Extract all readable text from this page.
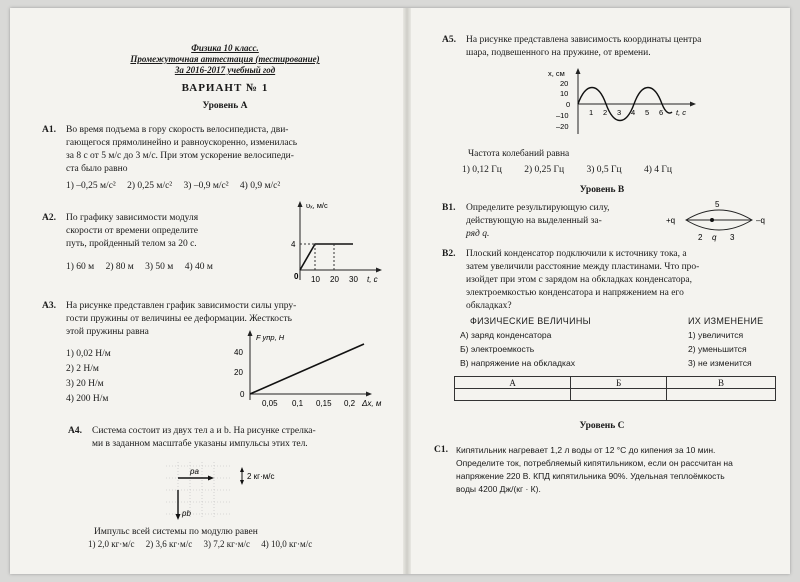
Физика 10 класс.
Промежуточная аттестация (тестирование)
За 2016-2017 учебный год
ВАРИАНТ № 1
Уровень А
А1. Во время подъема в гору скорость велосипедиста, дви-
гающегося прямолинейно и равноускоренно, изменилась
за 8 с от 5 м/с до 3 м/с. При этом ускорение велосипеди-
ста было равно
1) –0,25 м/с² 2) 0,25 м/с² 3) –0,9 м/с² 4) 0,9 м/с²
А2. По графику зависимости модуля
скорости от времени определите
путь, пройденный телом за 20 с.
1) 60 м 2) 80 м 3) 50 м 4) 40 м
υₓ, м/с
4
0 10 20 30 t, с
А3. На рисунке представлен график зависимости силы упру-
гости пружины от величины ее деформации. Жесткость
этой пружины равна
1) 0,02 Н/м
2) 2 Н/м
3) 20 Н/м
4) 200 Н/м
F упр, Н
40
20
0
0,05 0,1 0,15 0,2 Δx, м
А4. Система состоит из двух тел a и b. На рисунке стрелка-
ми в заданном масштабе указаны импульсы этих тел.
pa
pb
2 кг·м/с
Импульс всей системы по модулю равен
1) 2,0 кг·м/с 2) 3,6 кг·м/с 3) 7,2 кг·м/с 4) 10,0 кг·м/с
А5. На рисунке представлена зависимость координаты центра
шара, подвешенного на пружине, от времени.
x, см
20
10
0
–10
–20
1 2 3 4 5 6 t, с
Частота колебаний равна
1) 0,12 Гц 2) 0,25 Гц 3) 0,5 Гц 4) 4 Гц
Уровень В
В1. Определите результирующую силу,
действующую на выделенный за-
ряд q.
+q	–q
5
2 q 3
В2. Плоский конденсатор подключили к источнику тока, а
затем увеличили расстояние между пластинами. Что про-
изойдет при этом с зарядом на обкладках конденсатора,
электроемкостью конденсатора и напряжением на его
обкладках?
ФИЗИЧЕСКИЕ ВЕЛИЧИНЫ	ИХ ИЗМЕНЕНИЕ
А) заряд конденсатора
Б) электроемкость
В) напряжение на обкладках
1) увеличится
2) уменьшится
3) не изменится
А	Б	В

Уровень С
С1. Кипятильник нагревает 1,2 л воды от 12 °С до кипения за 10 мин.
Определите ток, потребляемый кипятильником, если он рассчитан на
напряжение 220 В. КПД кипятильника 90%. Удельная теплоёмкость
воды 4200 Дж/(кг · К).
